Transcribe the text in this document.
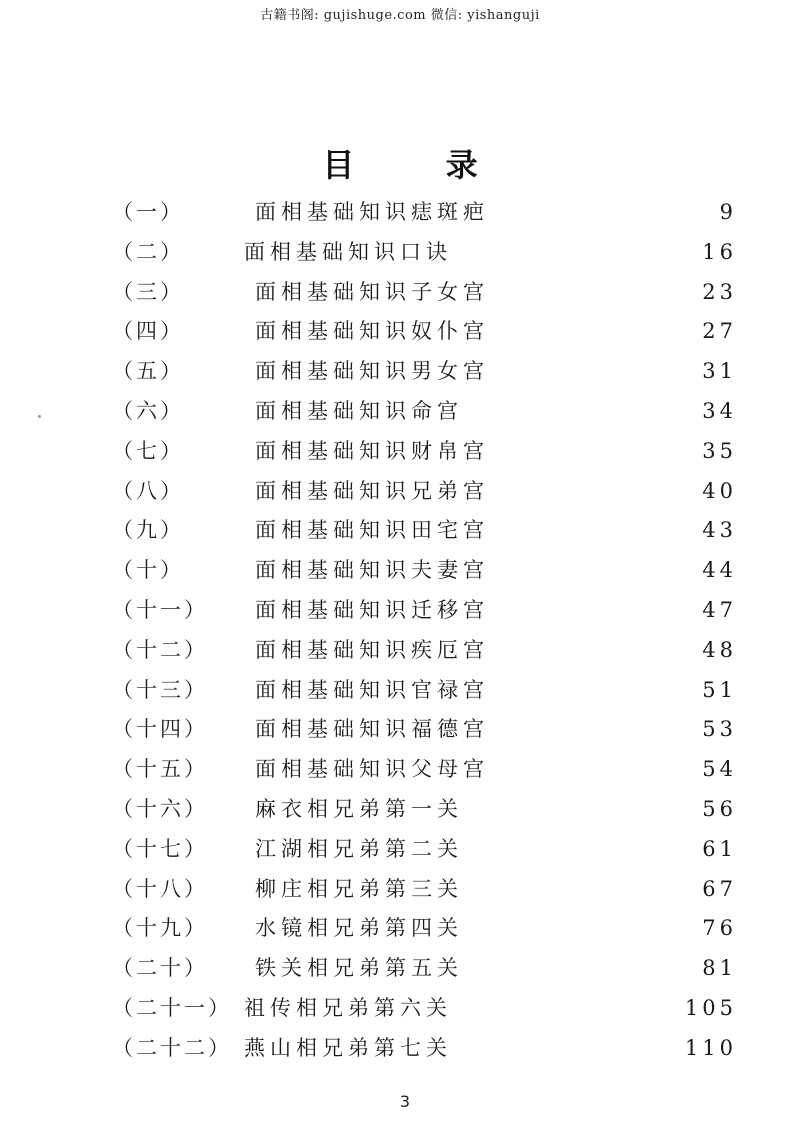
古籍书阁: gujishuge.com 微信: yishanguji
目 录
（一）	面相基础知识痣斑疤	9
（二）	面相基础知识口诀	16
（三）	面相基础知识子女宫	23
（四）	面相基础知识奴仆宫	27
（五）	面相基础知识男女宫	31
（六）	面相基础知识命宫	34
（七）	面相基础知识财帛宫	35
（八）	面相基础知识兄弟宫	40
（九）	面相基础知识田宅宫	43
（十）	面相基础知识夫妻宫	44
（十一） 面相基础知识迁移宫	47
（十二） 面相基础知识疾厄宫	48
（十三） 面相基础知识官禄宫	51
（十四） 面相基础知识福德宫	53
（十五） 面相基础知识父母宫	54
（十六） 麻衣相兄弟第一关	56
（十七） 江湖相兄弟第二关	61
（十八） 柳庄相兄弟第三关	67
（十九） 水镜相兄弟第四关	76
（二十） 铁关相兄弟第五关	81
（二十一） 祖传相兄弟第六关	105
（二十二） 燕山相兄弟第七关	110
3
